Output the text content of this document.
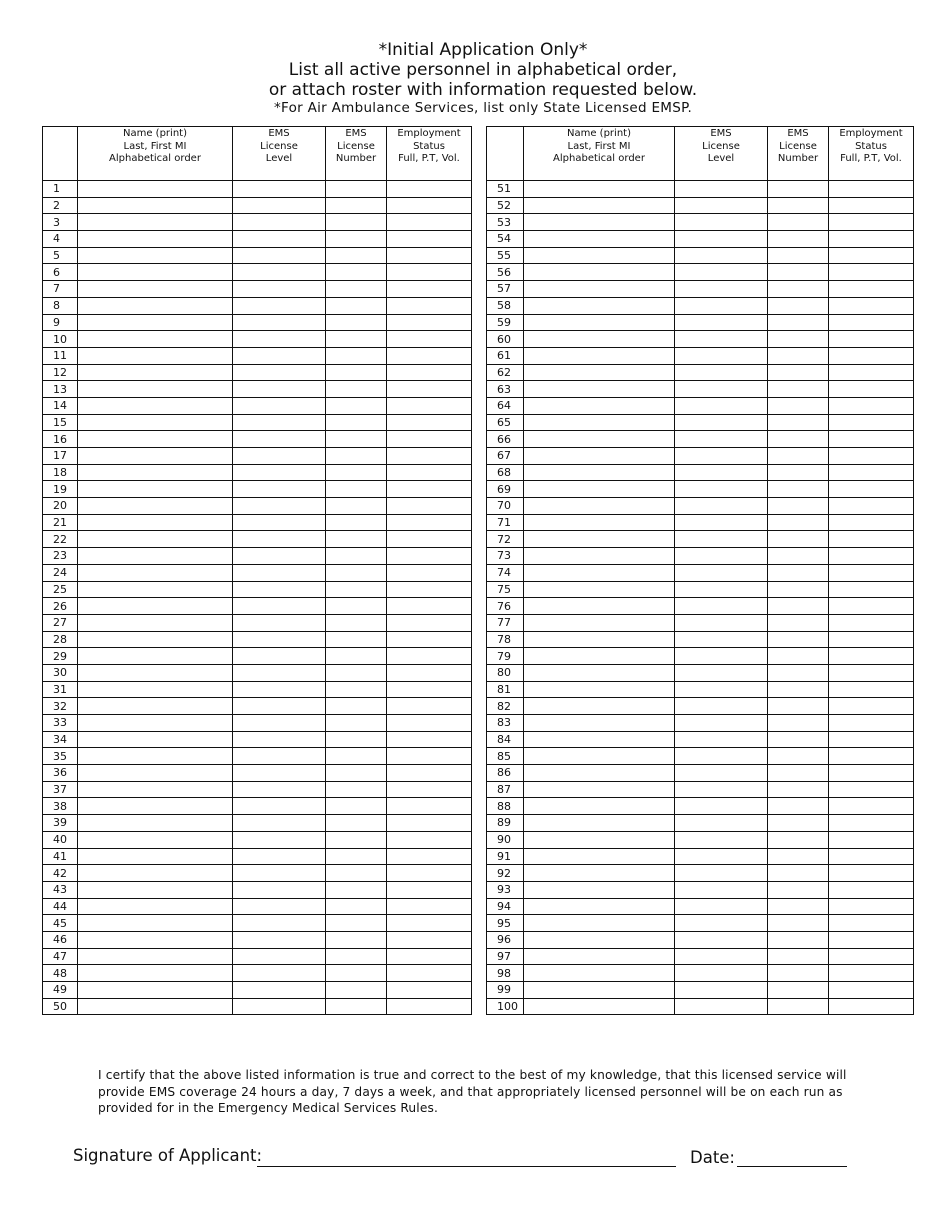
*Initial Application Only*
List all active personnel in alphabetical order,
or attach roster with information requested below.
*For Air Ambulance Services, list only State Licensed EMSP.
	Name (print)
Last, First MI
Alphabetical order	EMS
License
Level	EMS
License
Number	Employment
Status
Full, P.T, Vol.
1				
2				
3				
4				
5				
6				
7				
8				
9				
10				
11				
12				
13				
14				
15				
16				
17				
18				
19				
20				
21				
22				
23				
24				
25				
26				
27				
28				
29				
30				
31				
32				
33				
34				
35				
36				
37				
38				
39				
40				
41				
42				
43				
44				
45				
46				
47				
48				
49				
50				
	Name (print)
Last, First MI
Alphabetical order	EMS
License
Level	EMS
License
Number	Employment
Status
Full, P.T, Vol.
51				
52				
53				
54				
55				
56				
57				
58				
59				
60				
61				
62				
63				
64				
65				
66				
67				
68				
69				
70				
71				
72				
73				
74				
75				
76				
77				
78				
79				
80				
81				
82				
83				
84				
85				
86				
87				
88				
89				
90				
91				
92				
93				
94				
95				
96				
97				
98				
99				
100				
I certify that the above listed information is true and correct to the best of my knowledge, that this licensed service will provide EMS coverage 24 hours a day, 7 days a week, and that appropriately licensed personnel will be on each run as provided for in the Emergency Medical Services Rules.
Signature of Applicant:	Date:
